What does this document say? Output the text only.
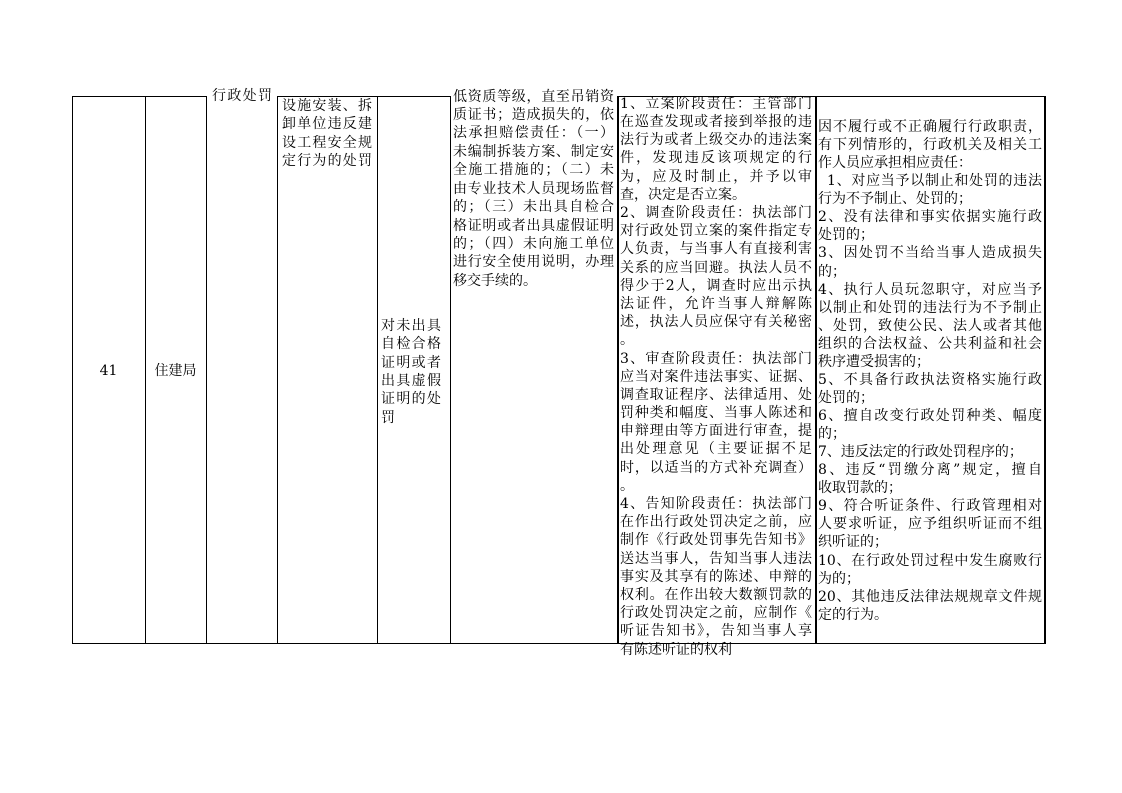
41	住建局
行政处罚
设施安装、拆
卸单位违反建
设工程安全规
定行为的处罚
对未出具
自检合格
证明或者
出具虚假
证明的处
罚
低资质等级，直至吊销资
质证书；造成损失的，依
法承担赔偿责任：（一）
未编制拆装方案、制定安
全施工措施的；（二）未
由专业技术人员现场监督
的；（三）未出具自检合
格证明或者出具虚假证明
的；（四）未向施工单位
进行安全使用说明，办理
移交手续的。
1、立案阶段责任：主管部门
在巡查发现或者接到举报的违
法行为或者上级交办的违法案
件，发现违反该项规定的行
为，应及时制止，并予以审
查，决定是否立案。
2、调查阶段责任：执法部门
对行政处罚立案的案件指定专
人负责，与当事人有直接利害
关系的应当回避。执法人员不
得少于2人，调查时应出示执
法证件，允许当事人辩解陈
述，执法人员应保守有关秘密
。
3、审查阶段责任：执法部门
应当对案件违法事实、证据、
调查取证程序、法律适用、处
罚种类和幅度、当事人陈述和
申辩理由等方面进行审查，提
出处理意见（主要证据不足
时，以适当的方式补充调查）
。
4、告知阶段责任：执法部门
在作出行政处罚决定之前，应
制作《行政处罚事先告知书》
送达当事人，告知当事人违法
事实及其享有的陈述、申辩的
权利。在作出较大数额罚款的
行政处罚决定之前，应制作《
听证告知书》，告知当事人享
有陈述听证的权利
因不履行或不正确履行行政职责，
有下列情形的，行政机关及相关工
作人员应承担相应责任：
1、对应当予以制止和处罚的违法
行为不予制止、处罚的；
2、没有法律和事实依据实施行政
处罚的；
3、因处罚不当给当事人造成损失
的；
4、执行人员玩忽职守，对应当予
以制止和处罚的违法行为不予制止
、处罚，致使公民、法人或者其他
组织的合法权益、公共利益和社会
秩序遭受损害的；
5、不具备行政执法资格实施行政
处罚的；
6、擅自改变行政处罚种类、幅度
的；
7、违反法定的行政处罚程序的；
8、违反“罚缴分离”规定，擅自
收取罚款的；
9、符合听证条件、行政管理相对
人要求听证，应予组织听证而不组
织听证的；
10、在行政处罚过程中发生腐败行
为的；
20、其他违反法律法规规章文件规
定的行为。
